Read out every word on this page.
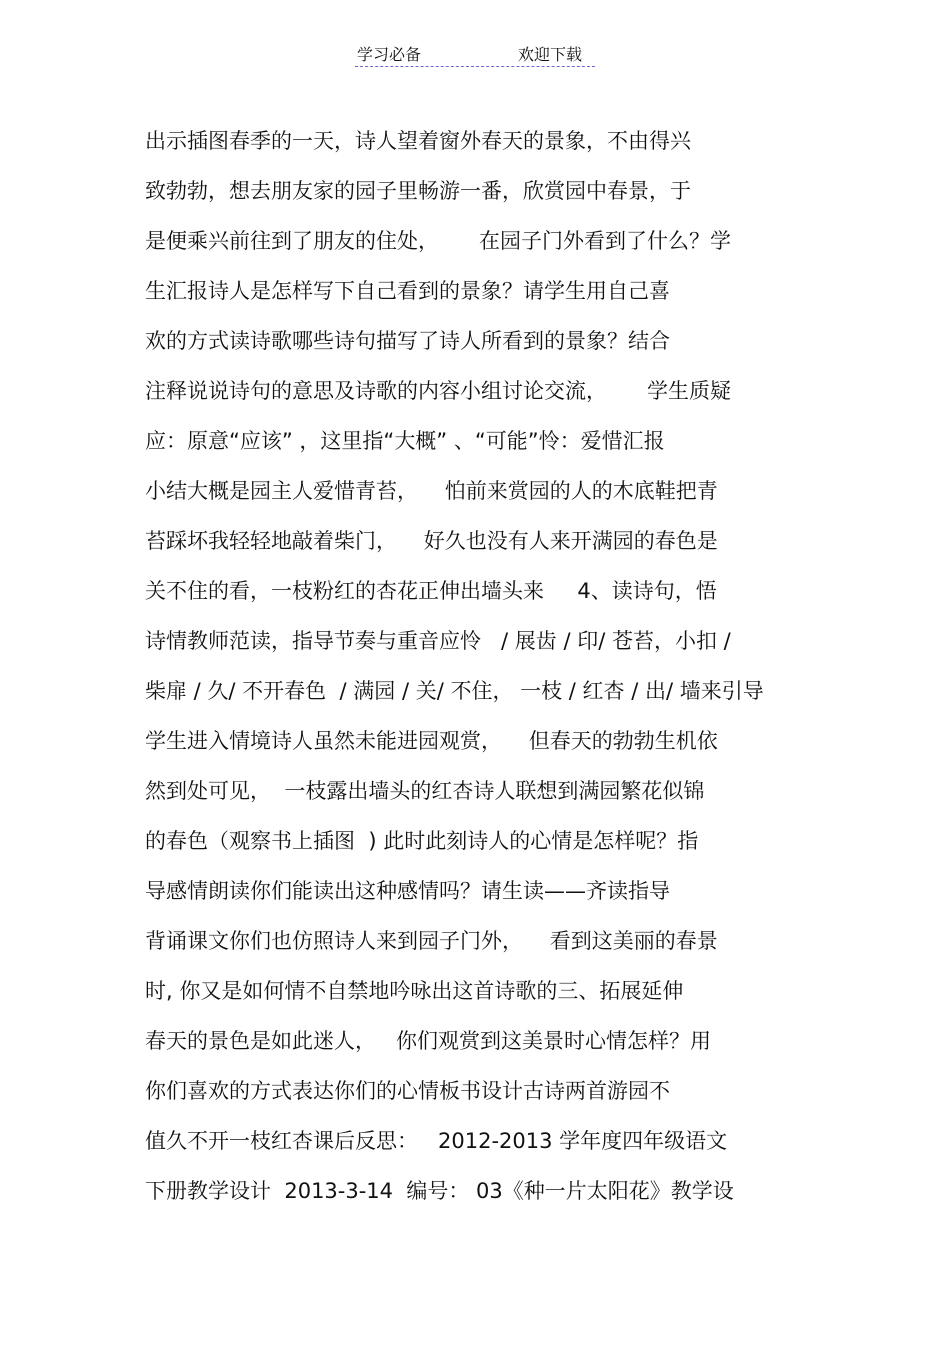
学习必备	欢迎下载
出示插图春季的一天，诗人望着窗外春天的景象，不由得兴
致勃勃，想去朋友家的园子里畅游一番，欣赏园中春景，于
是便乘兴前往到了朋友的住处，      在园子门外看到了什么？学
生汇报诗人是怎样写下自己看到的景象？请学生用自己喜
欢的方式读诗歌哪些诗句描写了诗人所看到的景象？结合
注释说说诗句的意思及诗歌的内容小组讨论交流，      学生质疑
应：原意“应该” ，这里指“大概” 、“可能”怜：爱惜汇报
小结大概是园主人爱惜青苔，    怕前来赏园的人的木底鞋把青
苔踩坏我轻轻地敲着柴门，    好久也没有人来开满园的春色是
关不住的看，一枝粉红的杏花正伸出墙头来     4、读诗句，悟
诗情教师范读，指导节奏与重音应怜   / 展齿 / 印/ 苍苔，小扣 /
柴扉 / 久/ 不开春色  / 满园 / 关/ 不住， 一枝 / 红杏 / 出/ 墙来引导
学生进入情境诗人虽然未能进园观赏，    但春天的勃勃生机依
然到处可见，  一枝露出墙头的红杏诗人联想到满园繁花似锦
的春色（观察书上插图  ) 此时此刻诗人的心情是怎样呢？指
导感情朗读你们能读出这种感情吗？请生读——齐读指导
背诵课文你们也仿照诗人来到园子门外，    看到这美丽的春景
时, 你又是如何情不自禁地吟咏出这首诗歌的三、拓展延伸
春天的景色是如此迷人，   你们观赏到这美景时心情怎样？用
你们喜欢的方式表达你们的心情板书设计古诗两首游园不
值久不开一枝红杏课后反思：   2012-2013 学年度四年级语文
下册教学设计  2013-3-14  编号： 03《种一片太阳花》教学设
